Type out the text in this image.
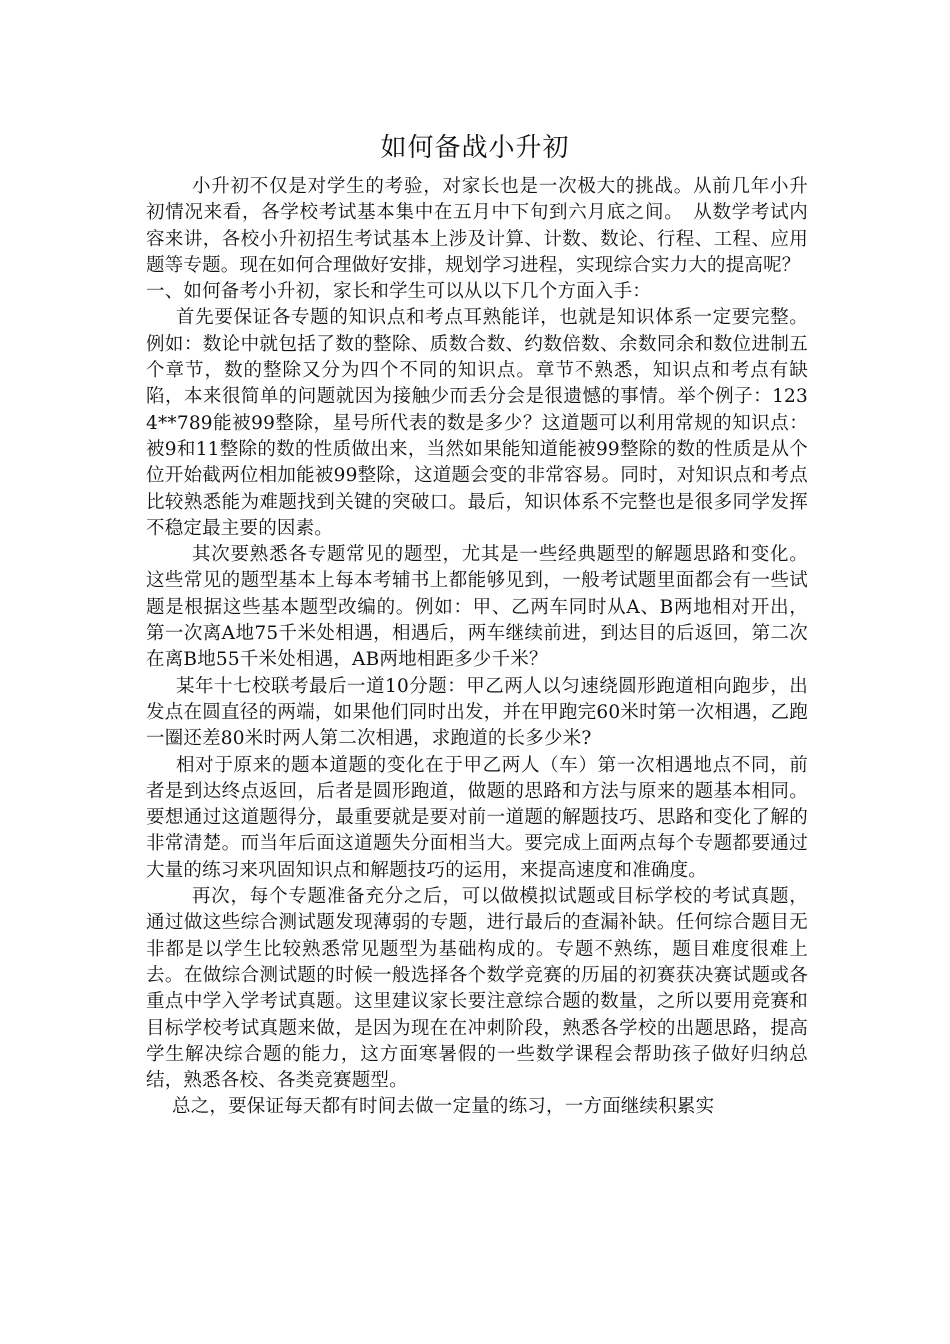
如何备战小升初

小升初不仅是对学生的考验，对家长也是一次极大的挑战。从前几年小升初情况来看，各学校考试基本集中在五月中下旬到六月底之间。　从数学考试内容来讲，各校小升初招生考试基本上涉及计算、计数、数论、行程、工程、应用题等专题。现在如何合理做好安排，规划学习进程，实现综合实力大的提高呢？

一、如何备考小升初，家长和学生可以从以下几个方面入手：

首先要保证各专题的知识点和考点耳熟能详，也就是知识体系一定要完整。例如：数论中就包括了数的整除、质数合数、约数倍数、余数同余和数位进制五个章节，数的整除又分为四个不同的知识点。章节不熟悉，知识点和考点有缺陷，本来很简单的问题就因为接触少而丢分会是很遗憾的事情。举个例子：1234**789能被99整除，星号所代表的数是多少？这道题可以利用常规的知识点：被9和11整除的数的性质做出来，当然如果能知道能被99整除的数的性质是从个位开始截两位相加能被99整除，这道题会变的非常容易。同时，对知识点和考点比较熟悉能为难题找到关键的突破口。最后，知识体系不完整也是很多同学发挥不稳定最主要的因素。

其次要熟悉各专题常见的题型，尤其是一些经典题型的解题思路和变化。这些常见的题型基本上每本考辅书上都能够见到，一般考试题里面都会有一些试题是根据这些基本题型改编的。例如：甲、乙两车同时从A、B两地相对开出，第一次离A地75千米处相遇，相遇后，两车继续前进，到达目的后返回，第二次在离B地55千米处相遇，AB两地相距多少千米？

某年十七校联考最后一道10分题：甲乙两人以匀速绕圆形跑道相向跑步，出发点在圆直径的两端，如果他们同时出发，并在甲跑完60米时第一次相遇，乙跑一圈还差80米时两人第二次相遇，求跑道的长多少米?

相对于原来的题本道题的变化在于甲乙两人（车）第一次相遇地点不同，前者是到达终点返回，后者是圆形跑道，做题的思路和方法与原来的题基本相同。要想通过这道题得分，最重要就是要对前一道题的解题技巧、思路和变化了解的非常清楚。而当年后面这道题失分面相当大。要完成上面两点每个专题都要通过大量的练习来巩固知识点和解题技巧的运用，来提高速度和准确度。

再次，每个专题准备充分之后，可以做模拟试题或目标学校的考试真题，通过做这些综合测试题发现薄弱的专题，进行最后的查漏补缺。任何综合题目无非都是以学生比较熟悉常见题型为基础构成的。专题不熟练，题目难度很难上去。在做综合测试题的时候一般选择各个数学竞赛的历届的初赛获决赛试题或各重点中学入学考试真题。这里建议家长要注意综合题的数量，之所以要用竞赛和目标学校考试真题来做，是因为现在在冲刺阶段，熟悉各学校的出题思路，提高学生解决综合题的能力，这方面寒暑假的一些数学课程会帮助孩子做好归纳总结，熟悉各校、各类竞赛题型。

总之，要保证每天都有时间去做一定量的练习，一方面继续积累实
